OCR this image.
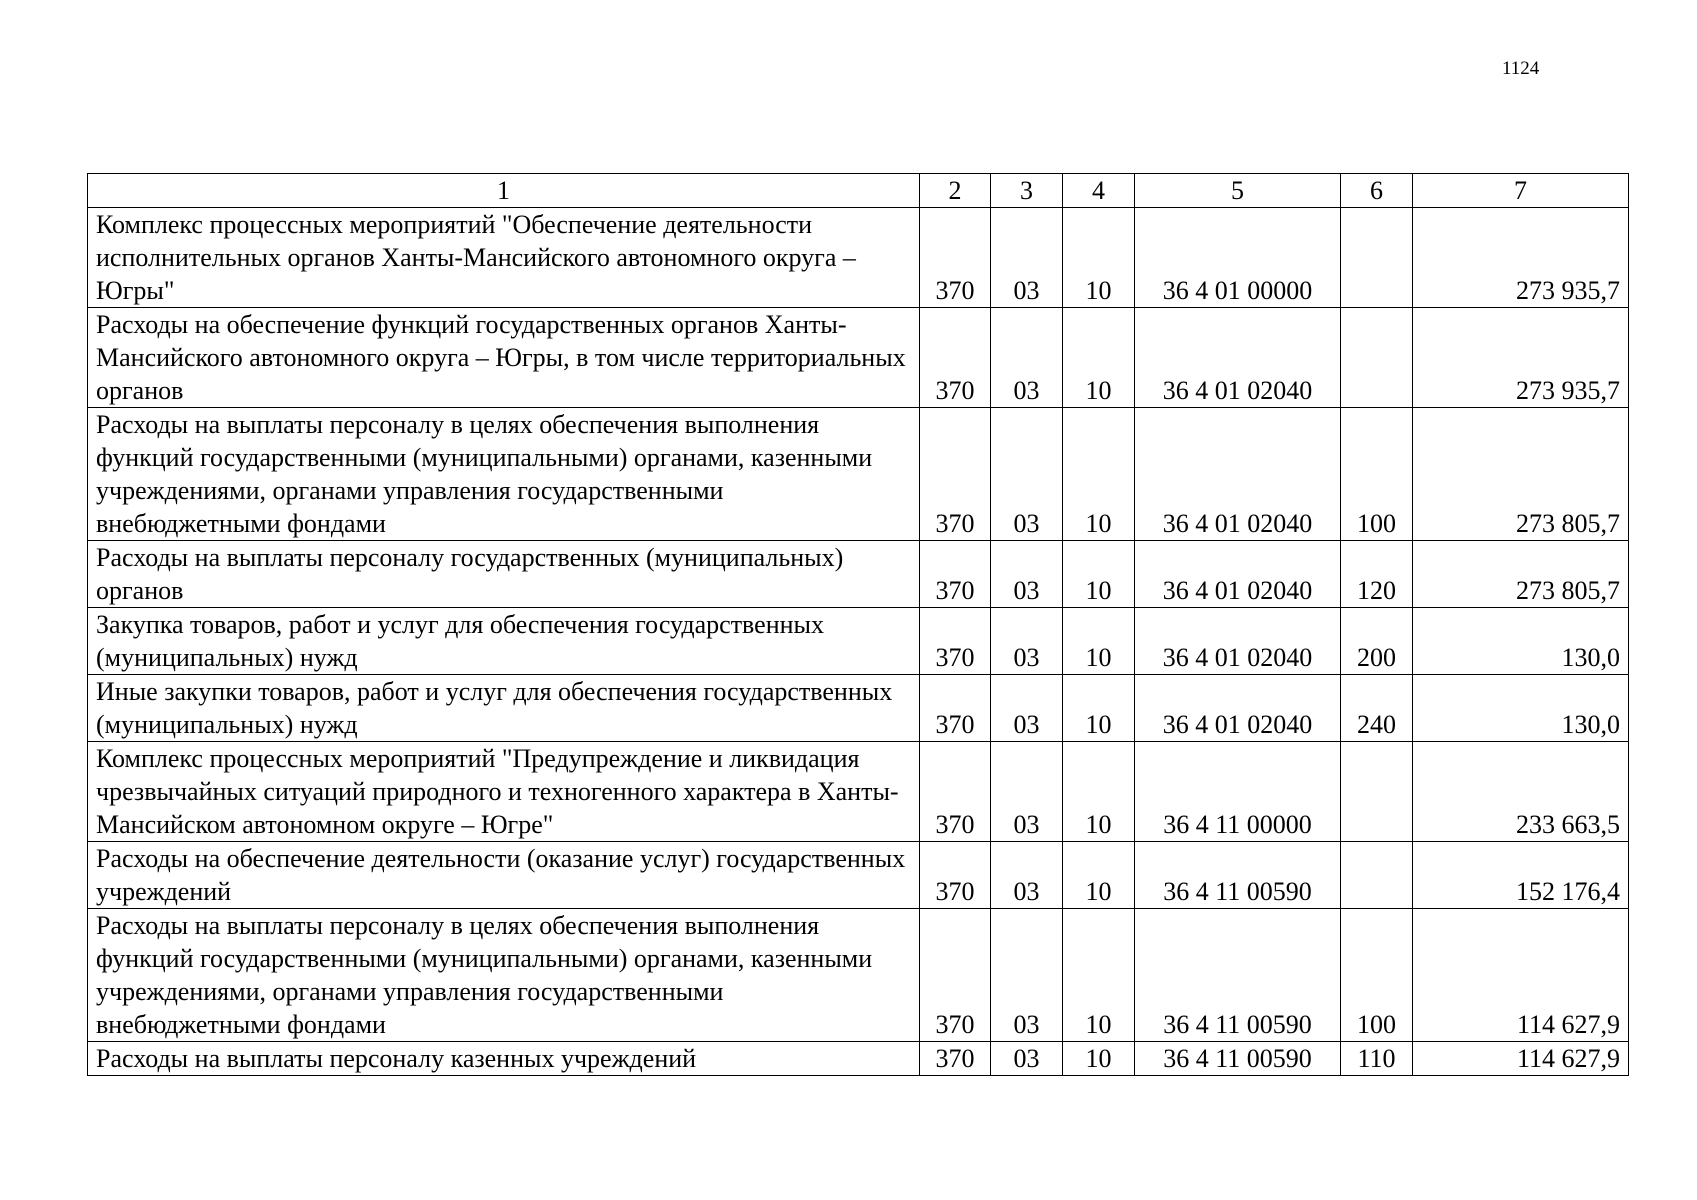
1124
1	2	3	4	5	6	7
Комплекс процессных мероприятий "Обеспечение деятельности исполнительных органов Ханты-Мансийского автономного округа – Югры"	370	03	10	36 4 01 00000		273 935,7
Расходы на обеспечение функций государственных органов Ханты-Мансийского автономного округа – Югры, в том числе территориальных органов	370	03	10	36 4 01 02040		273 935,7
Расходы на выплаты персоналу в целях обеспечения выполнения функций государственными (муниципальными) органами, казенными учреждениями, органами управления государственными внебюджетными фондами	370	03	10	36 4 01 02040	100	273 805,7
Расходы на выплаты персоналу государственных (муниципальных) органов	370	03	10	36 4 01 02040	120	273 805,7
Закупка товаров, работ и услуг для обеспечения государственных (муниципальных) нужд	370	03	10	36 4 01 02040	200	130,0
Иные закупки товаров, работ и услуг для обеспечения государственных (муниципальных) нужд	370	03	10	36 4 01 02040	240	130,0
Комплекс процессных мероприятий "Предупреждение и ликвидация чрезвычайных ситуаций природного и техногенного характера в Ханты-Мансийском автономном округе – Югре"	370	03	10	36 4 11 00000		233 663,5
Расходы на обеспечение деятельности (оказание услуг) государственных учреждений	370	03	10	36 4 11 00590		152 176,4
Расходы на выплаты персоналу в целях обеспечения выполнения функций государственными (муниципальными) органами, казенными учреждениями, органами управления государственными внебюджетными фондами	370	03	10	36 4 11 00590	100	114 627,9
Расходы на выплаты персоналу казенных учреждений	370	03	10	36 4 11 00590	110	114 627,9
